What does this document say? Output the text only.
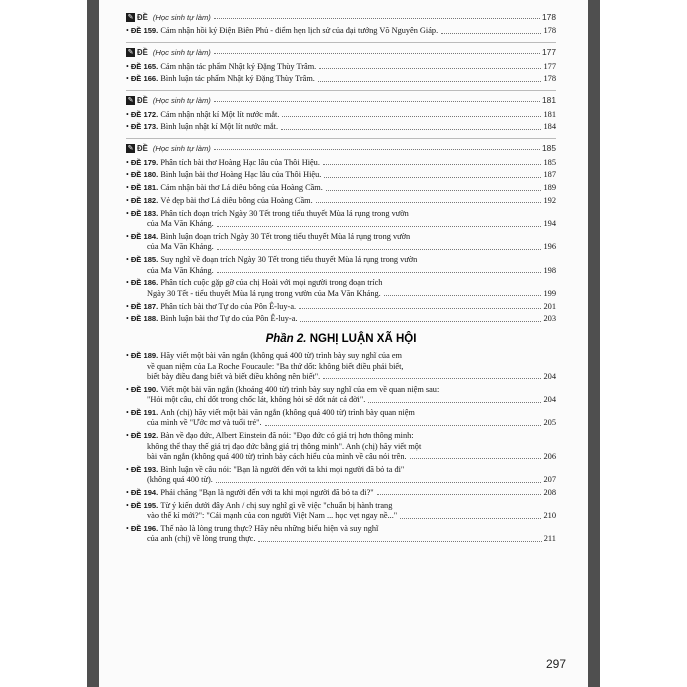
✎ ĐỀ (Học sinh tự làm)	178
• ĐỀ 159. Cảm nhận hồi ký Điện Biên Phủ - điểm hẹn lịch sử của đại tướng Võ Nguyên Giáp.	178
✎ ĐỀ (Học sinh tự làm)	177
• ĐỀ 165. Cảm nhận tác phẩm Nhật ký Đặng Thùy Trâm.	177
• ĐỀ 166. Bình luận tác phẩm Nhật ký Đặng Thùy Trâm.	178
✎ ĐỀ (Học sinh tự làm)	181
• ĐỀ 172. Cảm nhận nhật kí Một lít nước mắt.	181
• ĐỀ 173. Bình luận nhật kí Một lít nước mắt.	184
✎ ĐỀ (Học sinh tự làm)	185
• ĐỀ 179. Phân tích bài thơ Hoàng Hạc lâu của Thôi Hiệu.	185
• ĐỀ 180. Bình luận bài thơ Hoàng Hạc lâu của Thôi Hiệu.	187
• ĐỀ 181. Cảm nhận bài thơ Lá diêu bông của Hoàng Cầm.	189
• ĐỀ 182. Vẻ đẹp bài thơ Lá diêu bông của Hoàng Cầm.	192
• ĐỀ 183. Phân tích đoạn trích Ngày 30 Tết trong tiểu thuyết Mùa lá rụng trong vườn
của Ma Văn Kháng.	194
• ĐỀ 184. Bình luận đoạn trích Ngày 30 Tết trong tiểu thuyết Mùa lá rụng trong vườn
của Ma Văn Kháng.	196
• ĐỀ 185. Suy nghĩ về đoạn trích Ngày 30 Tết trong tiểu thuyết Mùa lá rụng trong vườn
của Ma Văn Kháng.	198
• ĐỀ 186. Phân tích cuộc gặp gỡ của chị Hoài với mọi người trong đoạn trích
Ngày 30 Tết - tiểu thuyết Mùa lá rụng trong vườn của Ma Văn Kháng.	199
• ĐỀ 187. Phân tích bài thơ Tự do của Pôn Ê-luy-a.	201
• ĐỀ 188. Bình luận bài thơ Tự do của Pôn Ê-luy-a.	203
Phần 2. NGHỊ LUẬN XÃ HỘI
• ĐỀ 189. Hãy viết một bài văn ngắn (không quá 400 từ) trình bày suy nghĩ của em
về quan niệm của La Roche Foucaule: "Ba thứ dốt: không biết điều phải biết,
biết bày điều đang biết và biết điều không nên biết".	204
• ĐỀ 190. Viết một bài văn ngắn (khoảng 400 từ) trình bày suy nghĩ của em về quan niệm sau:
"Hỏi một câu, chỉ dốt trong chốc lát, không hỏi sẽ dốt nát cả đời".	204
• ĐỀ 191. Anh (chị) hãy viết một bài văn ngắn (không quá 400 từ) trình bày quan niệm
của mình về "Ước mơ và tuổi trẻ".	205
• ĐỀ 192. Bàn về đạo đức, Albert Einstein đã nói: "Đạo đức có giá trị hơn thông minh:
không thể thay thế giá trị đạo đức bằng giá trị thông minh". Anh (chị) hãy viết một
bài văn ngắn (không quá 400 từ) trình bày cách hiểu của mình về câu nói trên.	206
• ĐỀ 193. Bình luận về câu nói: "Bạn là người đến với ta khi mọi người đã bỏ ta đi"
(không quá 400 từ).	207
• ĐỀ 194. Phải chăng "Bạn là người đến với ta khi mọi người đã bỏ ta đi?"	208
• ĐỀ 195. Từ ý kiến dưới đây Anh / chị suy nghĩ gì về việc "chuẩn bị hành trang
vào thế kỉ mới?": "Cái mạnh của con người Việt Nam ... học vẹt ngay nề..."	210
• ĐỀ 196. Thế nào là lòng trung thực? Hãy nêu những biểu hiện và suy nghĩ
của anh (chị) về lòng trung thực.	211
297
